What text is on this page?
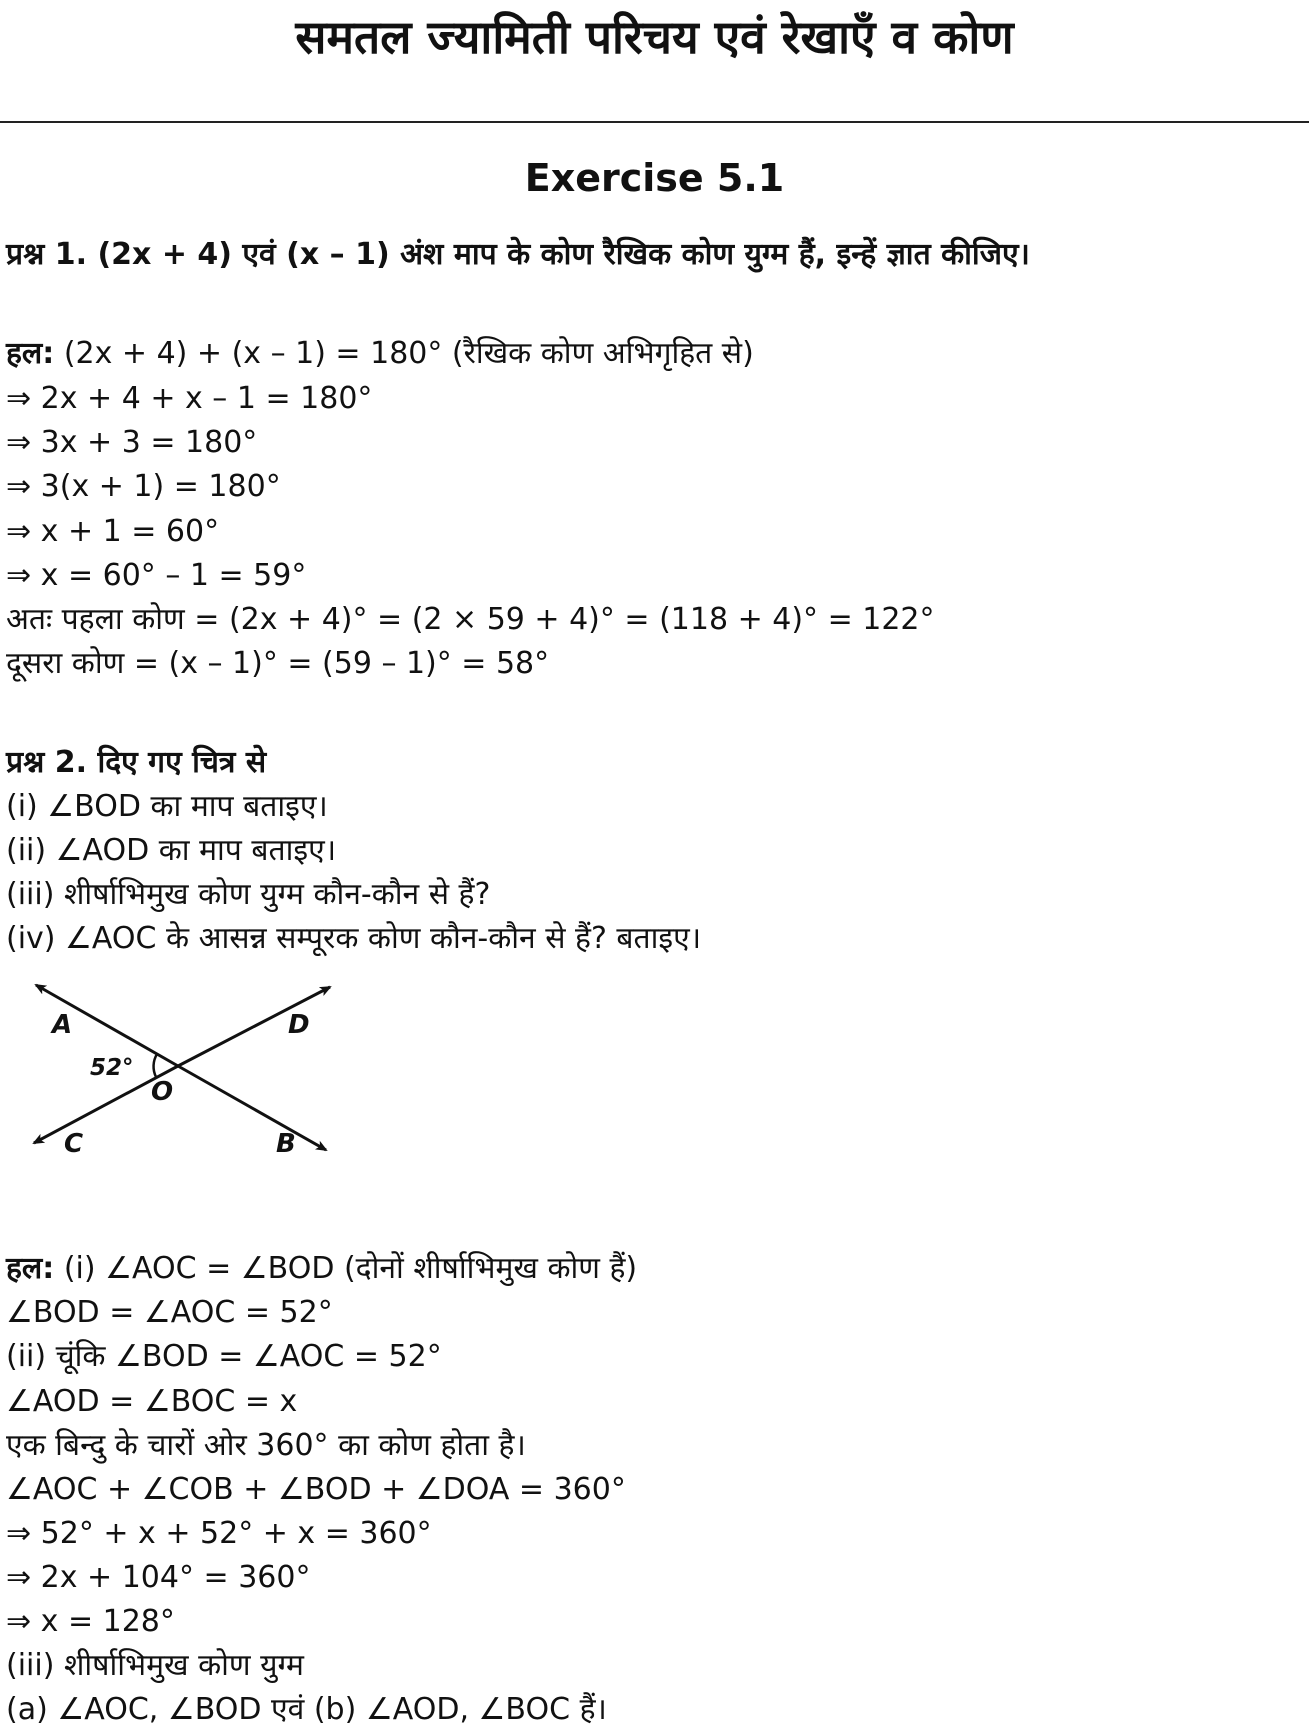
समतल ज्यामिती परिचय एवं रेखाएँ व कोण
Exercise 5.1
प्रश्न 1. (2x + 4) एवं (x – 1) अंश माप के कोण रैखिक कोण युग्म हैं, इन्हें ज्ञात कीजिए।
हल: (2x + 4) + (x – 1) = 180° (रैखिक कोण अभिगृहित से)
⇒ 2x + 4 + x – 1 = 180°
⇒ 3x + 3 = 180°
⇒ 3(x + 1) = 180°
⇒ x + 1 = 60°
⇒ x = 60° – 1 = 59°
अतः पहला कोण = (2x + 4)° = (2 × 59 + 4)° = (118 + 4)° = 122°
दूसरा कोण = (x – 1)° = (59 – 1)° = 58°
प्रश्न 2. दिए गए चित्र से
(i) ∠BOD का माप बताइए।
(ii) ∠AOD का माप बताइए।
(iii) शीर्षाभिमुख कोण युग्म कौन-कौन से हैं?
(iv) ∠AOC के आसन्न सम्पूरक कोण कौन-कौन से हैं? बताइए।
A	D
52°
O
C	B
हल: (i) ∠AOC = ∠BOD (दोनों शीर्षाभिमुख कोण हैं)
∠BOD = ∠AOC = 52°
(ii) चूंकि ∠BOD = ∠AOC = 52°
∠AOD = ∠BOC = x
एक बिन्दु के चारों ओर 360° का कोण होता है।
∠AOC + ∠COB + ∠BOD + ∠DOA = 360°
⇒ 52° + x + 52° + x = 360°
⇒ 2x + 104° = 360°
⇒ x = 128°
(iii) शीर्षाभिमुख कोण युग्म
(a) ∠AOC, ∠BOD एवं (b) ∠AOD, ∠BOC हैं।
